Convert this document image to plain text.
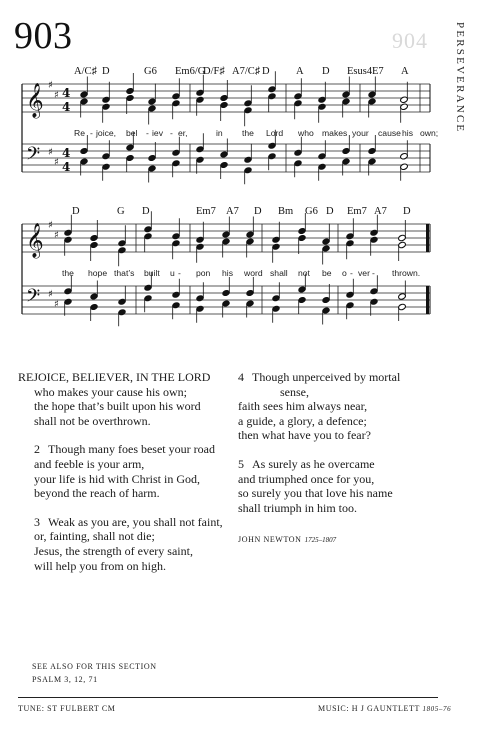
903	904	PERSEVERANCE
𝄞
𝄢
♯
♯
♯
♯
4
4
4
4
𝄞
𝄢
♯
♯
♯
♯
A/C♯ D	G6 Em6/G
D/F♯ A7/C♯ D	A D Esus4 E7 A
Re - joice, bel - iev - er,	in the Lord who makes your cause his own;
D	G D	Em7 A7 D Bm G6 D Em7 A7 D
the hope that’s built u - pon his word shall not be o - ver - thrown.
REJOICE, BELIEVER, IN THE LORD
who makes your cause his own;
the hope that’s built upon his word
shall not be overthrown.
2 Though many foes beset your road
and feeble is your arm,
your life is hid with Christ in God,
beyond the reach of harm.
3 Weak as you are, you shall not faint,
or, fainting, shall not die;
Jesus, the strength of every saint,
will help you from on high.
4 Though unperceived by mortal
sense,
faith sees him always near,
a guide, a glory, a defence;
then what have you to fear?
5 As surely as he overcame
and triumphed once for you,
so surely you that love his name
shall triumph in him too.
JOHN NEWTON 1725–1807
SEE ALSO FOR THIS SECTION
PSALM 3, 12, 71
TUNE: ST FULBERT CM	MUSIC: H J GAUNTLETT 1805–76
